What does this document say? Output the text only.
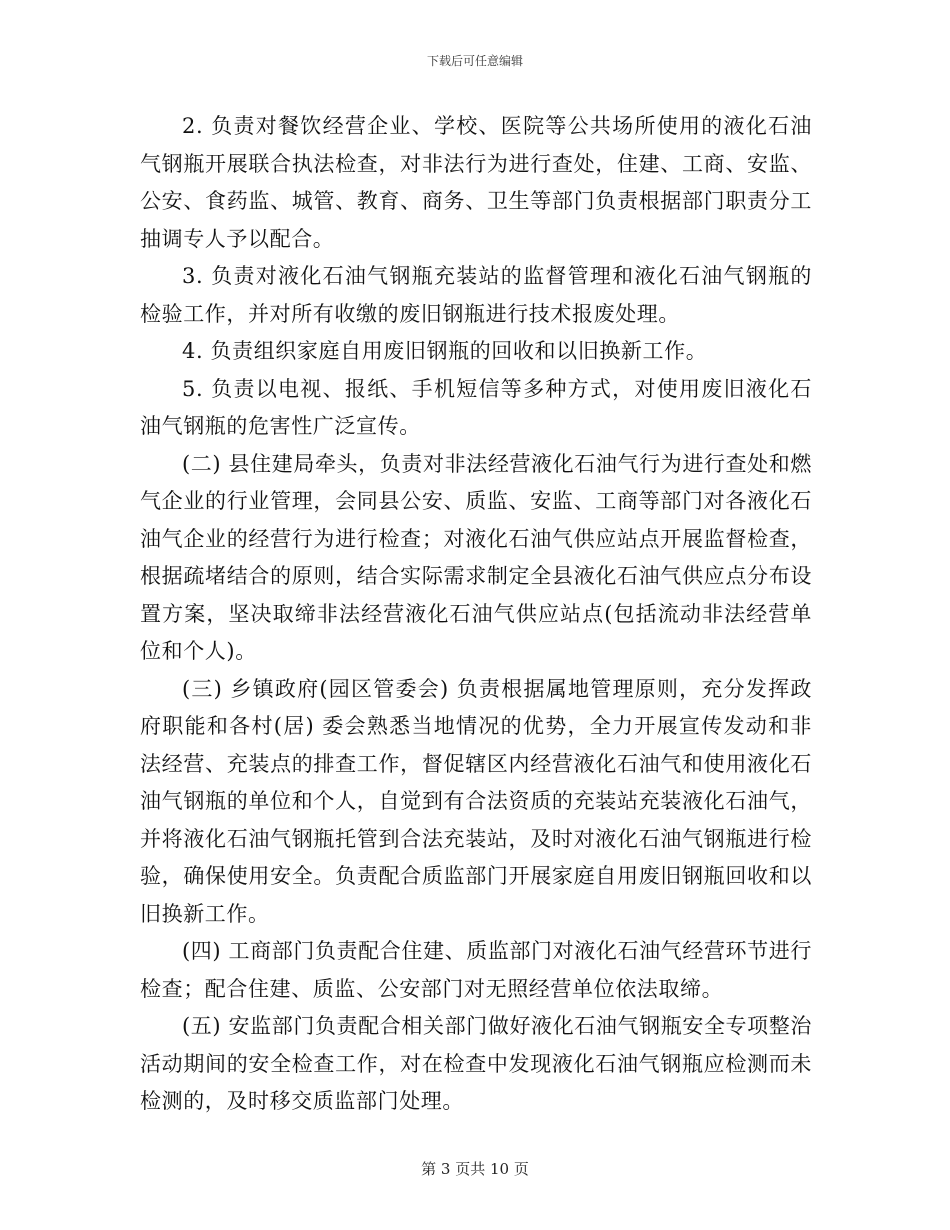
下载后可任意编辑

2. 负责对餐饮经营企业、学校、医院等公共场所使用的液化石油气钢瓶开展联合执法检查，对非法行为进行查处，住建、工商、安监、公安、食药监、城管、教育、商务、卫生等部门负责根据部门职责分工抽调专人予以配合。

3. 负责对液化石油气钢瓶充装站的监督管理和液化石油气钢瓶的检验工作，并对所有收缴的废旧钢瓶进行技术报废处理。

4. 负责组织家庭自用废旧钢瓶的回收和以旧换新工作。

5. 负责以电视、报纸、手机短信等多种方式，对使用废旧液化石油气钢瓶的危害性广泛宣传。

(二) 县住建局牵头，负责对非法经营液化石油气行为进行查处和燃气企业的行业管理，会同县公安、质监、安监、工商等部门对各液化石油气企业的经营行为进行检查；对液化石油气供应站点开展监督检查，根据疏堵结合的原则，结合实际需求制定全县液化石油气供应点分布设置方案，坚决取缔非法经营液化石油气供应站点(包括流动非法经营单位和个人)。

(三) 乡镇政府(园区管委会) 负责根据属地管理原则，充分发挥政府职能和各村(居) 委会熟悉当地情况的优势，全力开展宣传发动和非法经营、充装点的排查工作，督促辖区内经营液化石油气和使用液化石油气钢瓶的单位和个人，自觉到有合法资质的充装站充装液化石油气，并将液化石油气钢瓶托管到合法充装站，及时对液化石油气钢瓶进行检验，确保使用安全。负责配合质监部门开展家庭自用废旧钢瓶回收和以旧换新工作。

(四) 工商部门负责配合住建、质监部门对液化石油气经营环节进行检查；配合住建、质监、公安部门对无照经营单位依法取缔。

(五) 安监部门负责配合相关部门做好液化石油气钢瓶安全专项整治活动期间的安全检查工作，对在检查中发现液化石油气钢瓶应检测而未检测的，及时移交质监部门处理。

第 3 页共 10 页
